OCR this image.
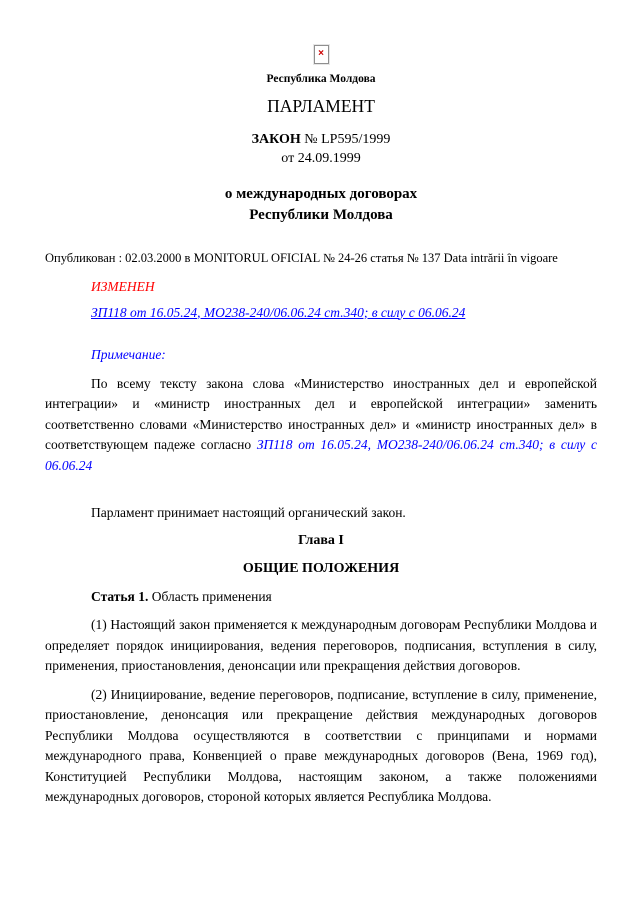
×
Республика Молдова
ПАРЛАМЕНТ
ЗАКОН № LP595/1999
от 24.09.1999
о международных договорах
Республики Молдова
Опубликован : 02.03.2000 в MONITORUL OFICIAL № 24-26 статья № 137 Data intrării în vigoare
ИЗМЕНЕН
ЗП118 от 16.05.24, MO238-240/06.06.24 ст.340; в силу с 06.06.24
Примечание:

По всему тексту закона слова «Министерство иностранных дел и европейской интеграции» и «министр иностранных дел и европейской интеграции» заменить соответственно словами «Министерство иностранных дел» и «министр иностранных дел» в соответствующем падеже согласно ЗП118 от 16.05.24, MO238-240/06.06.24 ст.340; в силу с 06.06.24

Парламент принимает настоящий органический закон.

Глава I
ОБЩИЕ ПОЛОЖЕНИЯ

Статья 1. Область применения

(1) Настоящий закон применяется к международным договорам Республики Молдова и определяет порядок инициирования, ведения переговоров, подписания, вступления в силу, применения, приостановления, денонсации или прекращения действия договоров.

(2) Инициирование, ведение переговоров, подписание, вступление в силу, применение, приостановление, денонсация или прекращение действия международных договоров Республики Молдова осуществляются в соответствии с принципами и нормами международного права, Конвенцией о праве международных договоров (Вена, 1969 год), Конституцией Республики Молдова, настоящим законом, а также положениями международных договоров, стороной которых является Республика Молдова.
